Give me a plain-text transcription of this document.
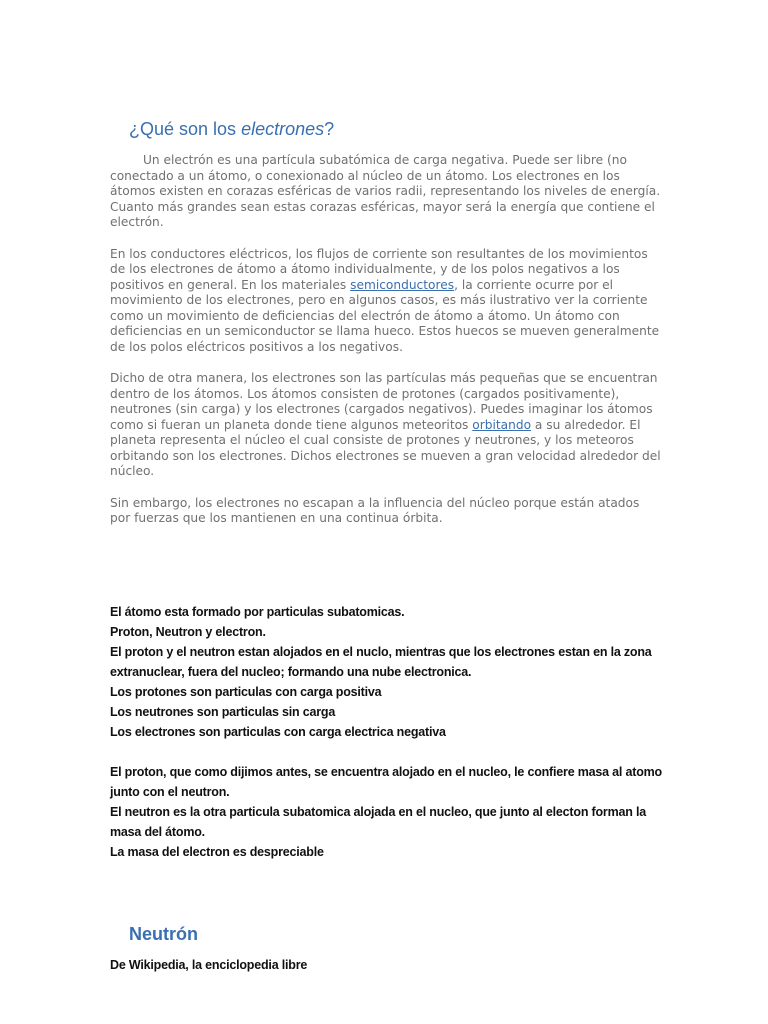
¿Qué son los electrones?

Un electrón es una partícula subatómica de carga negativa. Puede ser libre (no conectado a un átomo, o conexionado al núcleo de un átomo. Los electrones en los átomos existen en corazas esféricas de varios radii, representando los niveles de energía. Cuanto más grandes sean estas corazas esféricas, mayor será la energía que contiene el electrón.

En los conductores eléctricos, los flujos de corriente son resultantes de los movimientos de los electrones de átomo a átomo individualmente, y de los polos negativos a los positivos en general. En los materiales semiconductores, la corriente ocurre por el movimiento de los electrones, pero en algunos casos, es más ilustrativo ver la corriente como un movimiento de deficiencias del electrón de átomo a átomo. Un átomo con deficiencias en un semiconductor se llama hueco. Estos huecos se mueven generalmente de los polos eléctricos positivos a los negativos.

Dicho de otra manera, los electrones son las partículas más pequeñas que se encuentran dentro de los átomos. Los átomos consisten de protones (cargados positivamente), neutrones (sin carga) y los electrones (cargados negativos). Puedes imaginar los átomos como si fueran un planeta donde tiene algunos meteoritos orbitando a su alrededor. El planeta representa el núcleo el cual consiste de protones y neutrones, y los meteoros orbitando son los electrones. Dichos electrones se mueven a gran velocidad alrededor del núcleo.

Sin embargo, los electrones no escapan a la influencia del núcleo porque están atados por fuerzas que los mantienen en una continua órbita.

El átomo esta formado por particulas subatomicas.
Proton, Neutron y electron.
El proton y el neutron estan alojados en el nuclo, mientras que los electrones estan en la zona extranuclear, fuera del nucleo; formando una nube electronica.
Los protones son particulas con carga positiva
Los neutrones son particulas sin carga
Los electrones son particulas con carga electrica negativa
El proton, que como dijimos antes, se encuentra alojado en el nucleo, le confiere masa al atomo junto con el neutron.
El neutron es la otra particula subatomica alojada en el nucleo, que junto al electon forman la masa del átomo.
La masa del electron es despreciable
Neutrón
De Wikipedia, la enciclopedia libre
